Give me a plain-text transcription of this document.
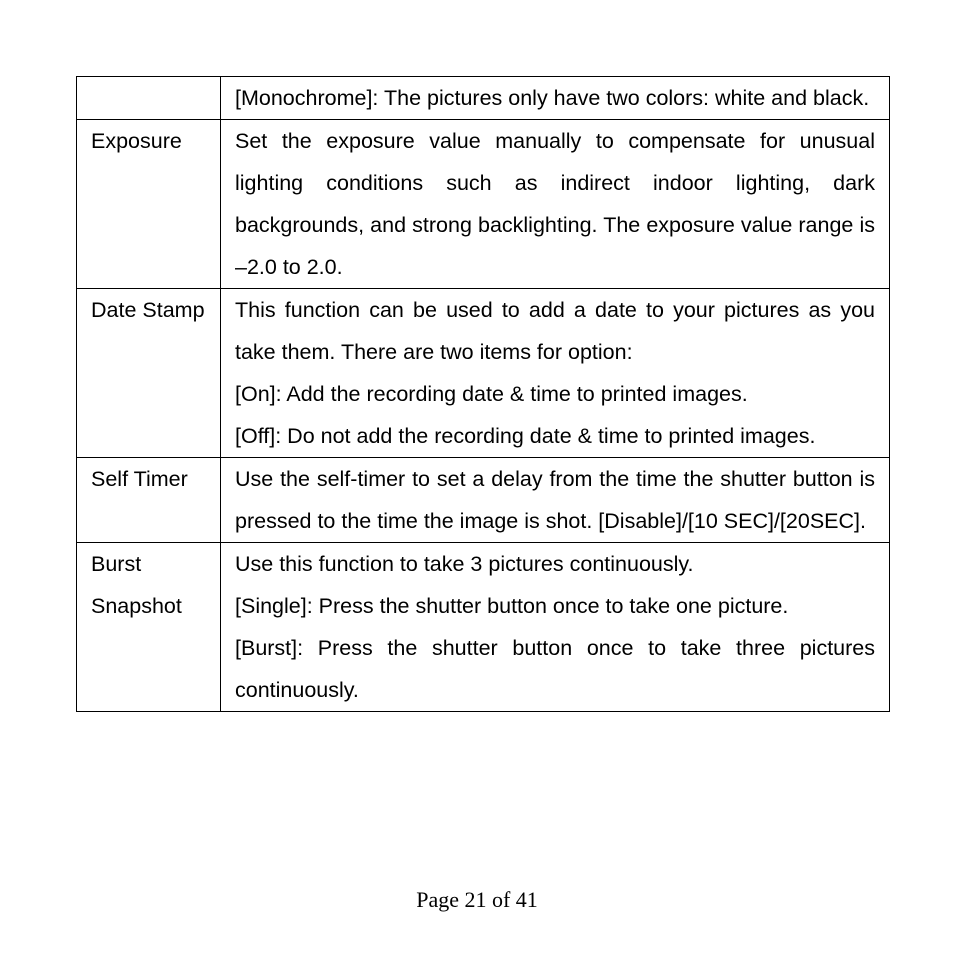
	[Monochrome]: The pictures only have two colors: white and black.

Exposure	Set the exposure value manually to compensate for unusual lighting conditions such as indirect indoor lighting, dark backgrounds, and strong backlighting. The exposure value range is –2.0 to 2.0.

Date Stamp	This function can be used to add a date to your pictures as you take them. There are two items for option:
[On]: Add the recording date & time to printed images.
[Off]: Do not add the recording date & time to printed images.

Self Timer	Use the self-timer to set a delay from the time the shutter button is pressed to the time the image is shot. [Disable]/[10 SEC]/[20SEC].

Burst Snapshot	Use this function to take 3 pictures continuously.
[Single]: Press the shutter button once to take one picture.
[Burst]: Press the shutter button once to take three pictures continuously.
Page 21 of 41
